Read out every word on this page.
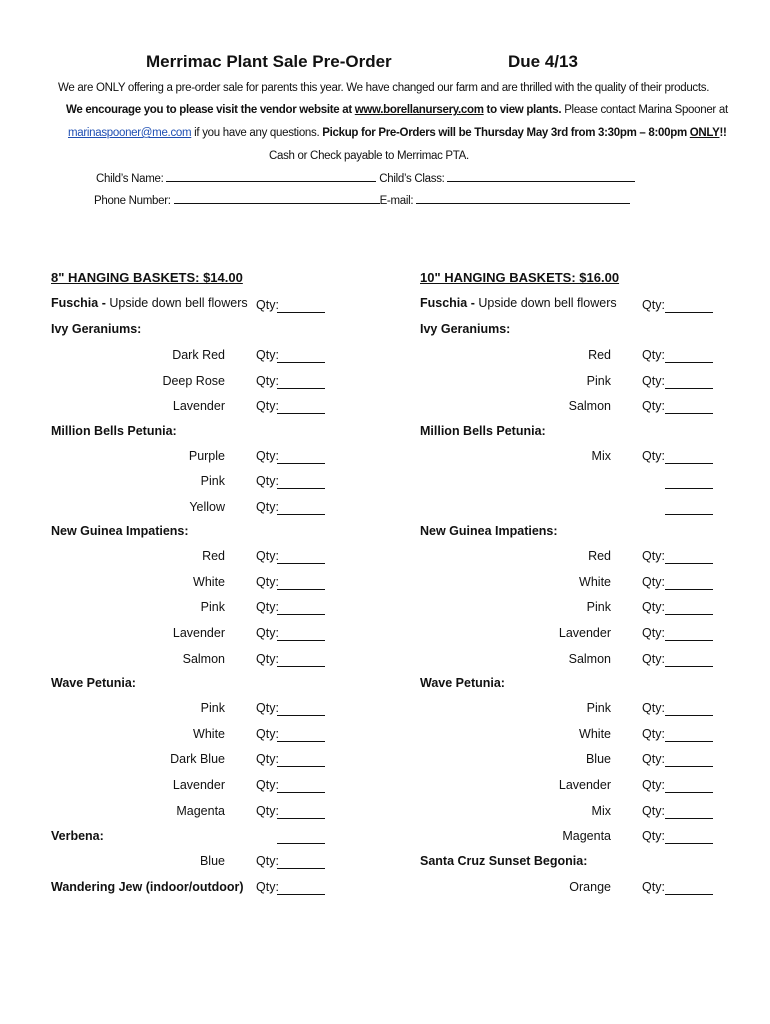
Merrimac Plant Sale Pre-Order	Due 4/13
We are ONLY offering a pre-order sale for parents this year. We have changed our farm and are thrilled with the quality of their products.
We encourage you to please visit the vendor website at www.borellanursery.com to view plants. Please contact Marina Spooner at
marinaspooner@me.com if you have any questions. Pickup for Pre-Orders will be Thursday May 3rd from 3:30pm – 8:00pm ONLY!!
Cash or Check payable to Merrimac PTA.
Child’s Name:	Child’s Class:
Phone Number:	E-mail:
8" HANGING BASKETS: $14.00
Fuschia - Upside down bell flowers Qty:
Ivy Geraniums:
Dark Red Qty:
Deep Rose Qty:
Lavender Qty:
Million Bells Petunia:
Purple Qty:
Pink Qty:
Yellow Qty:
New Guinea Impatiens:
Red Qty:
White Qty:
Pink Qty:
Lavender Qty:
Salmon Qty:
Wave Petunia:
Pink Qty:
White Qty:
Dark Blue Qty:
Lavender Qty:
Magenta Qty:
Verbena:
Blue Qty:
Wandering Jew (indoor/outdoor) Qty:
10" HANGING BASKETS: $16.00
Fuschia - Upside down bell flowers Qty:
Ivy Geraniums:
Red Qty:
Pink Qty:
Salmon Qty:
Million Bells Petunia:
Mix Qty:
New Guinea Impatiens:
Red Qty:
White Qty:
Pink Qty:
Lavender Qty:
Salmon Qty:
Wave Petunia:
Pink Qty:
White Qty:
Blue Qty:
Lavender Qty:
Mix Qty:
Magenta Qty:
Santa Cruz Sunset Begonia:
Orange Qty:
